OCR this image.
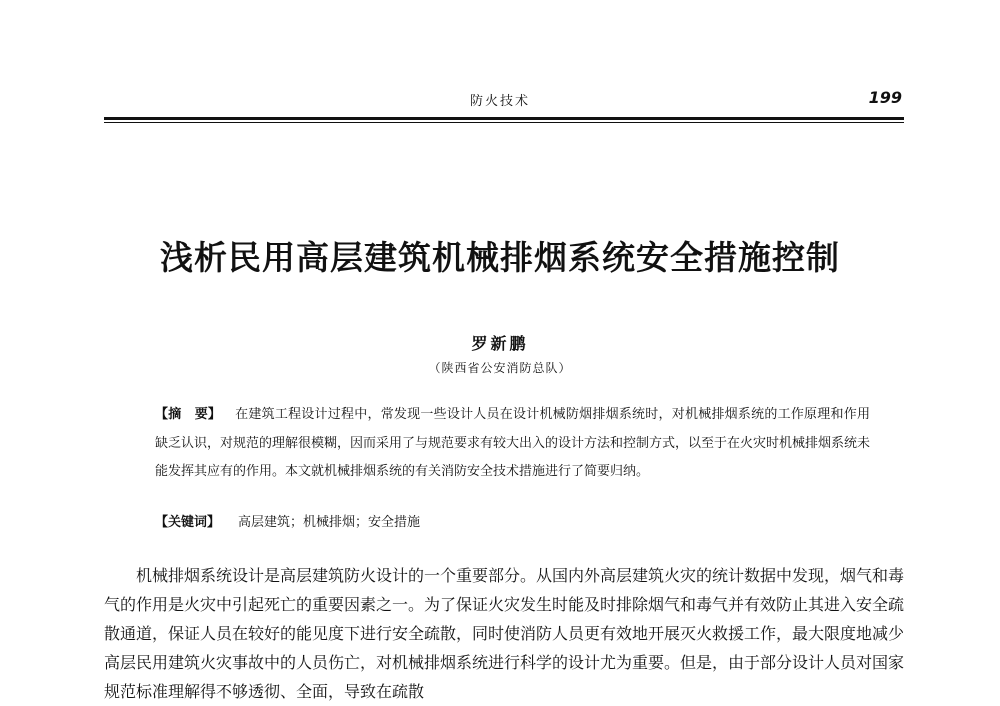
防火技术	199
浅析民用高层建筑机械排烟系统安全措施控制
罗新鹏
（陕西省公安消防总队）
【摘　要】 在建筑工程设计过程中，常发现一些设计人员在设计机械防烟排烟系统时，对机械排烟系统的工作原理和作用缺乏认识，对规范的理解很模糊，因而采用了与规范要求有较大出入的设计方法和控制方式，以至于在火灾时机械排烟系统未能发挥其应有的作用。本文就机械排烟系统的有关消防安全技术措施进行了简要归纳。
【关键词】 高层建筑；机械排烟；安全措施
机械排烟系统设计是高层建筑防火设计的一个重要部分。从国内外高层建筑火灾的统计数据中发现，烟气和毒气的作用是火灾中引起死亡的重要因素之一。为了保证火灾发生时能及时排除烟气和毒气并有效防止其进入安全疏散通道，保证人员在较好的能见度下进行安全疏散，同时使消防人员更有效地开展灭火救援工作，最大限度地减少高层民用建筑火灾事故中的人员伤亡，对机械排烟系统进行科学的设计尤为重要。但是，由于部分设计人员对国家规范标准理解得不够透彻、全面，导致在疏散
